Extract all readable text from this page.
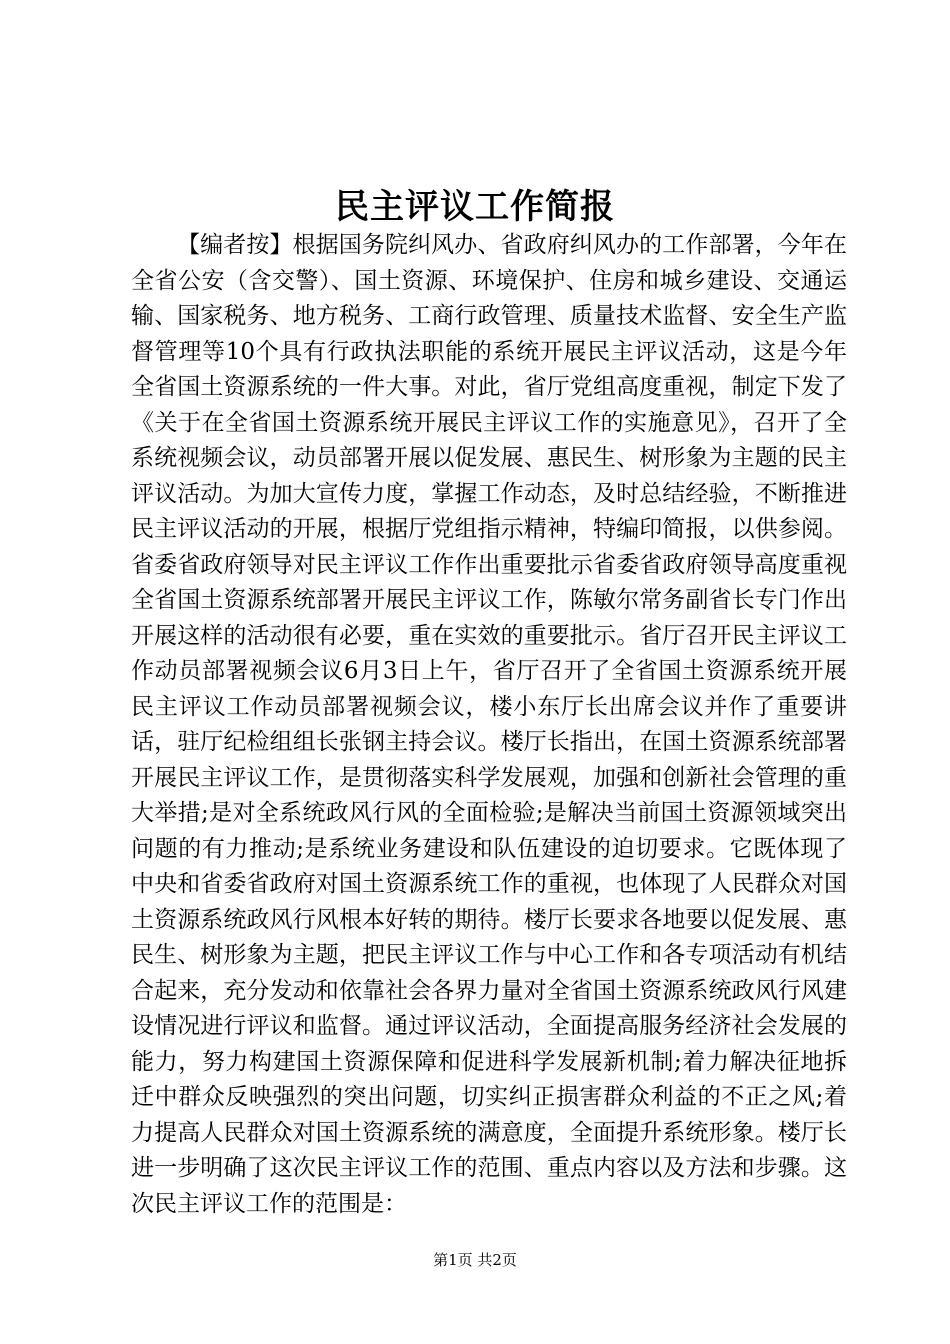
民主评议工作简报

【编者按】根据国务院纠风办、省政府纠风办的工作部署，今年在全省公安（含交警）、国土资源、环境保护、住房和城乡建设、交通运输、国家税务、地方税务、工商行政管理、质量技术监督、安全生产监督管理等10个具有行政执法职能的系统开展民主评议活动，这是今年全省国土资源系统的一件大事。对此，省厅党组高度重视，制定下发了《关于在全省国土资源系统开展民主评议工作的实施意见》，召开了全系统视频会议，动员部署开展以促发展、惠民生、树形象为主题的民主评议活动。为加大宣传力度，掌握工作动态，及时总结经验，不断推进民主评议活动的开展，根据厅党组指示精神，特编印简报，以供参阅。省委省政府领导对民主评议工作作出重要批示省委省政府领导高度重视全省国土资源系统部署开展民主评议工作，陈敏尔常务副省长专门作出开展这样的活动很有必要，重在实效的重要批示。省厅召开民主评议工作动员部署视频会议6月3日上午，省厅召开了全省国土资源系统开展民主评议工作动员部署视频会议，楼小东厅长出席会议并作了重要讲话，驻厅纪检组组长张钢主持会议。楼厅长指出，在国土资源系统部署开展民主评议工作，是贯彻落实科学发展观，加强和创新社会管理的重大举措;是对全系统政风行风的全面检验;是解决当前国土资源领域突出问题的有力推动;是系统业务建设和队伍建设的迫切要求。它既体现了中央和省委省政府对国土资源系统工作的重视，也体现了人民群众对国土资源系统政风行风根本好转的期待。楼厅长要求各地要以促发展、惠民生、树形象为主题，把民主评议工作与中心工作和各专项活动有机结合起来，充分发动和依靠社会各界力量对全省国土资源系统政风行风建设情况进行评议和监督。通过评议活动，全面提高服务经济社会发展的能力，努力构建国土资源保障和促进科学发展新机制;着力解决征地拆迁中群众反映强烈的突出问题，切实纠正损害群众利益的不正之风;着力提高人民群众对国土资源系统的满意度，全面提升系统形象。楼厅长进一步明确了这次民主评议工作的范围、重点内容以及方法和步骤。这次民主评议工作的范围是：

第1页 共2页
